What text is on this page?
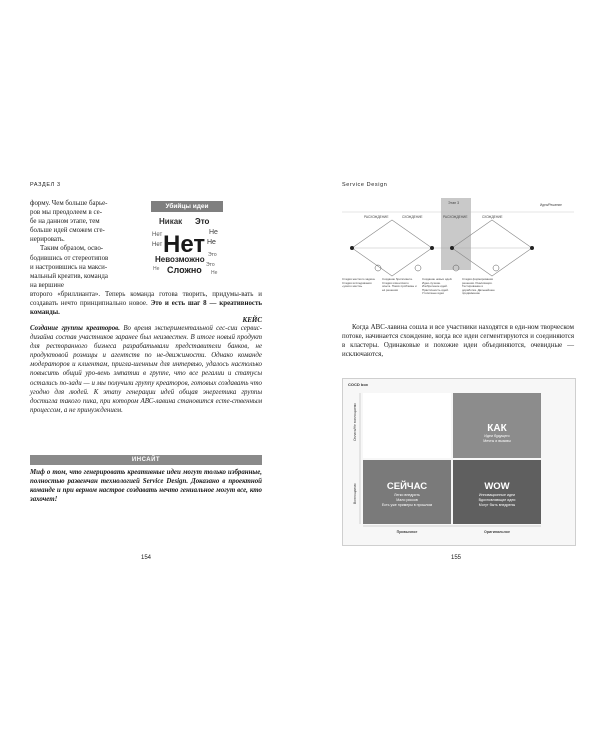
РАЗДЕЛ 3
форму. Чем больше барье-
ров мы преодолеем в се-
бе на данном этапе, тем
больше идей сможем сге-
нерировать.
Таким образом, осво-
бодившись от стереотипов
и настроившись на макси-
мальный креатив, команда
на вершине
Убийцы идеи
Никак Это
Не
Нет Нет Не
Нет
Невозможно Это
Сложно
Не
Это
Не
второго «бриллианта». Теперь команда готова творить, придумы-вать и создавать нечто принципиально новое. Это и есть шаг 8 — креативность команды.
КЕЙС
Создание группы креаторов. Во время экспериментальной сес-сии сервис-дизайна состав участников заранее был неизвестен. В итоге новый продукт для ресторанного бизнеса разрабатывали представители банков, не продуктовой розницы и агентств по не-движимости. Однако команде модераторов и клиентам, пригла-шенным для интервью, удалось настолько повысить общий уро-вень эмпатии в группе, что все регалии и статусы остались по-зади — и мы получили группу креаторов, готовых создавать что угодно для людей. К этапу генерации идей общая энергетика группы достигла такого пика, при котором АВС-лавина становится есте-ственным процессом, а не принуждением.
ИНСАЙТ
Миф о том, что генерировать креативные идеи могут только избранные, полностью развенчан технологией Service Design. Доказано в проектной команде и при верном настрое создавать нечто гениальное могут все, кто захочет!
154
Service Design
Этап 3	Идея/Решение
РАСХОЖДЕНИЕ	СХОЖДЕНИЕ	РАСХОЖДЕНИЕ	СХОЖДЕНИЕ
Стадия жесткого задача. Стадия исследования «узкого места»
Создание бриллианта. Стадия клиентского опыта. Поиск проблемы и её решения
Создание новых идей. Идеи-лучшие. Изобретение идей. Практичность идей. Утопичные идеи
Стадия формирования решения. Реализация. Тестирование и доработка. Дальнейшее продвижение

Когда АВС-лавина сошла и все участники находятся в еди-ном творческом потоке, начинается схождение, когда все идеи сегментируются и соединяются в кластеры. Одинаковые и похожие идеи объединяются, очевидные — исключаются,

COCD box
КАК
Идеи будущего
Мечты и вызовы
СЕЙЧАС
Легко внедрить
Мало рисков
Есть уже примеры в прошлом
WOW
Инновационные идеи
Вдохновляющие идеи
Могут быть внедрены
Оплата/Не воплощаемо
Воплощаемо
Привычное	Оригинальное
155
